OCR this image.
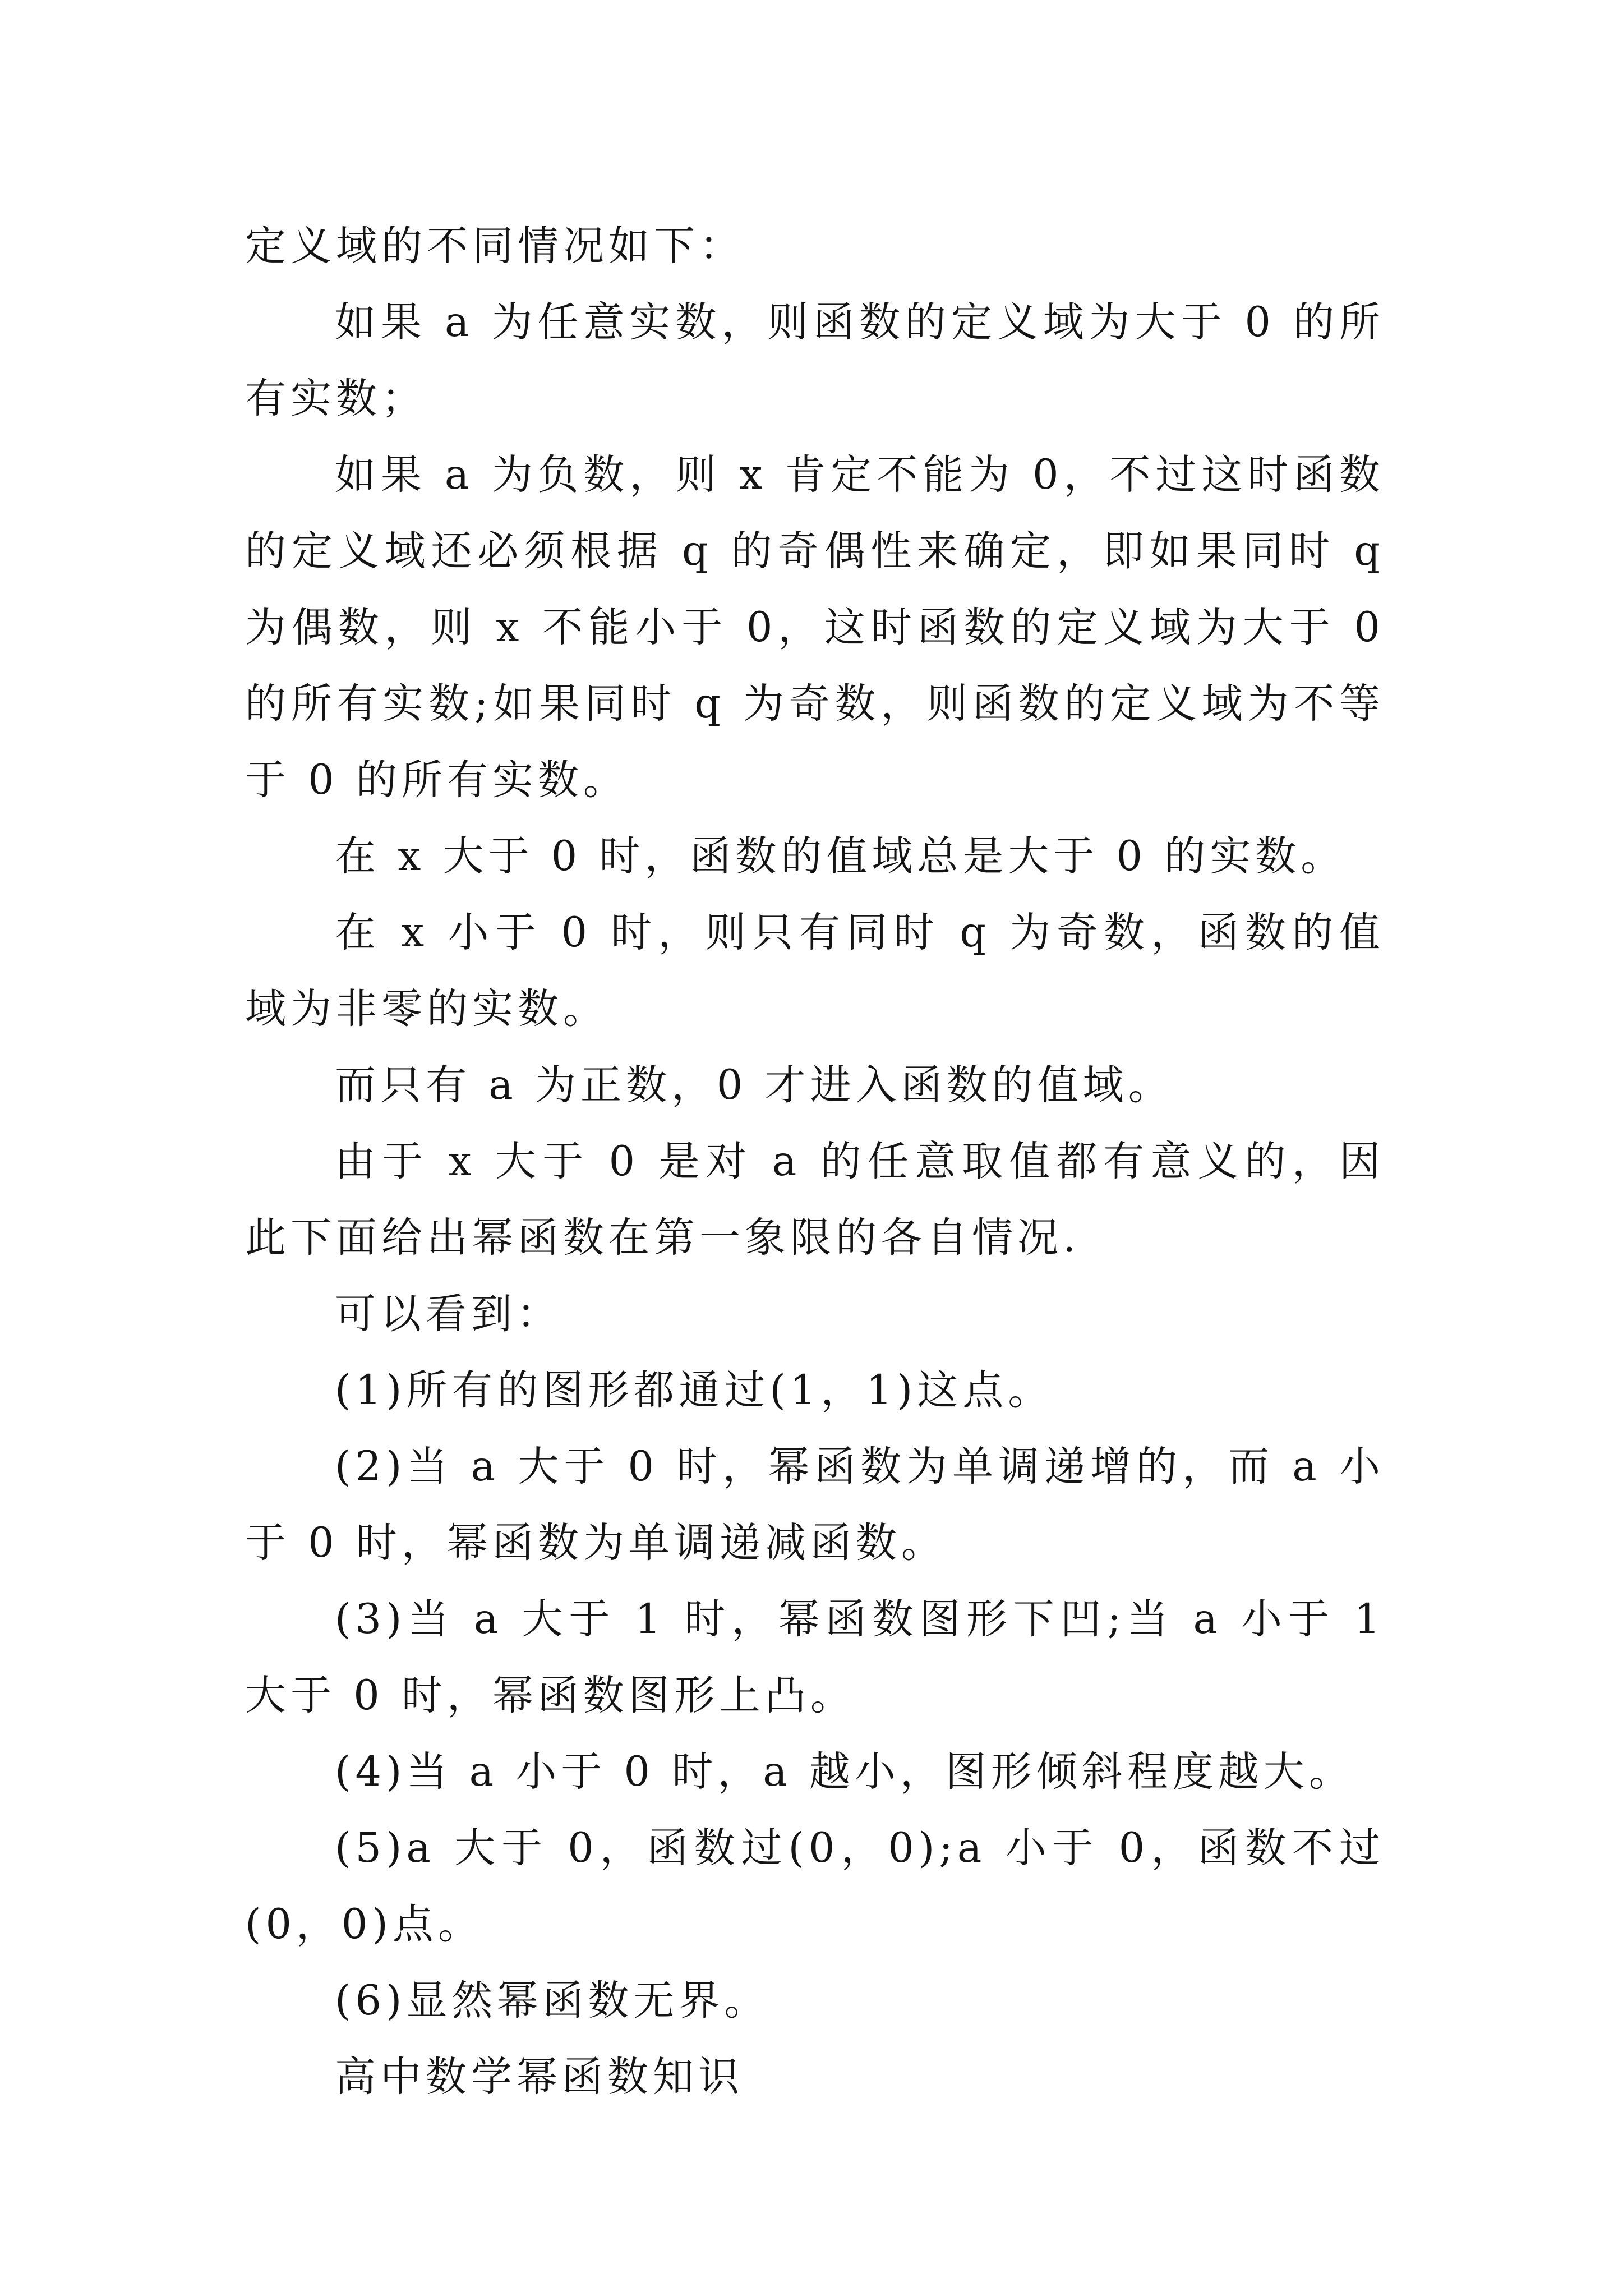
定义域的不同情况如下：

如果 a 为任意实数，则函数的定义域为大于 0 的所有实数；

如果 a 为负数，则 x 肯定不能为 0，不过这时函数的定义域还必须根据 q 的奇偶性来确定，即如果同时 q 为偶数，则 x 不能小于 0，这时函数的定义域为大于 0 的所有实数;如果同时 q 为奇数，则函数的定义域为不等于 0 的所有实数。

在 x 大于 0 时，函数的值域总是大于 0 的实数。

在 x 小于 0 时，则只有同时 q 为奇数，函数的值域为非零的实数。

而只有 a 为正数，0 才进入函数的值域。

由于 x 大于 0 是对 a 的任意取值都有意义的，因此下面给出幂函数在第一象限的各自情况.

可以看到：

(1)所有的图形都通过(1，1)这点。

(2)当 a 大于 0 时，幂函数为单调递增的，而 a 小于 0 时，幂函数为单调递减函数。

(3)当 a 大于 1 时，幂函数图形下凹;当 a 小于 1 大于 0 时，幂函数图形上凸。

(4)当 a 小于 0 时，a 越小，图形倾斜程度越大。

(5)a 大于 0，函数过(0，0);a 小于 0，函数不过(0，0)点。

(6)显然幂函数无界。

高中数学幂函数知识
